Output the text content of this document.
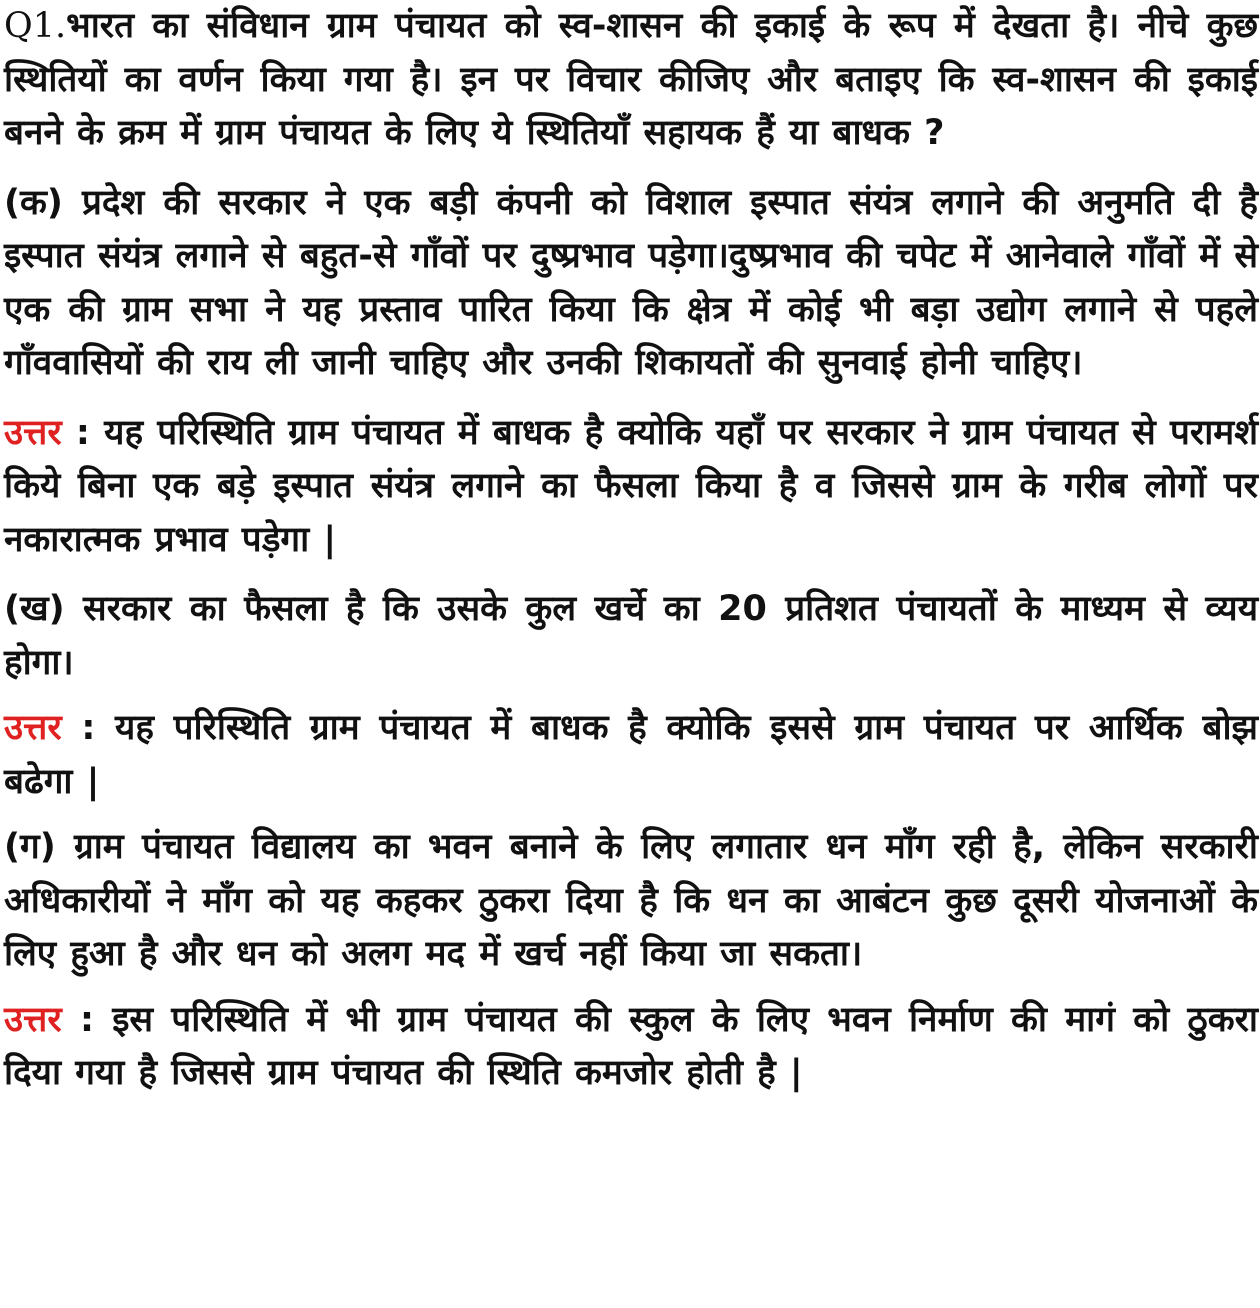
Q1.भारत का संविधान ग्राम पंचायत को स्व-शासन की इकाई के रूप में देखता है। नीचे कुछ स्थितियों का वर्णन किया गया है। इन पर विचार कीजिए और बताइए कि स्व-शासन की इकाई बनने के क्रम में ग्राम पंचायत के लिए ये स्थितियाँ सहायक हैं या बाधक ?

(क) प्रदेश की सरकार ने एक बड़ी कंपनी को विशाल इस्पात संयंत्र लगाने की अनुमति दी है इस्पात संयंत्र लगाने से बहुत-से गाँवों पर दुष्प्रभाव पड़ेगा।दुष्प्रभाव की चपेट में आनेवाले गाँवों में से एक की ग्राम सभा ने यह प्रस्ताव पारित किया कि क्षेत्र में कोई भी बड़ा उद्योग लगाने से पहले गाँववासियों की राय ली जानी चाहिए और उनकी शिकायतों की सुनवाई होनी चाहिए।

उत्तर : यह परिस्थिति ग्राम पंचायत में बाधक है क्योकि यहाँ पर सरकार ने ग्राम पंचायत से परामर्श किये बिना एक बड़े इस्पात संयंत्र लगाने का फैसला किया है व जिससे ग्राम के गरीब लोगों पर नकारात्मक प्रभाव पड़ेगा |

(ख) सरकार का फैसला है कि उसके कुल खर्चे का 20 प्रतिशत पंचायतों के माध्यम से व्यय होगा।

उत्तर : यह परिस्थिति ग्राम पंचायत में बाधक है क्योकि इससे ग्राम पंचायत पर आर्थिक बोझ बढेगा |

(ग) ग्राम पंचायत विद्यालय का भवन बनाने के लिए लगातार धन माँग रही है, लेकिन सरकारी अधिकारीयों ने माँग को यह कहकर ठुकरा दिया है कि धन का आबंटन कुछ दूसरी योजनाओं के लिए हुआ है और धन को अलग मद में खर्च नहीं किया जा सकता।

उत्तर : इस परिस्थिति में भी ग्राम पंचायत की स्कुल के लिए भवन निर्माण की मागं को ठुकरा दिया गया है जिससे ग्राम पंचायत की स्थिति कमजोर होती है |
